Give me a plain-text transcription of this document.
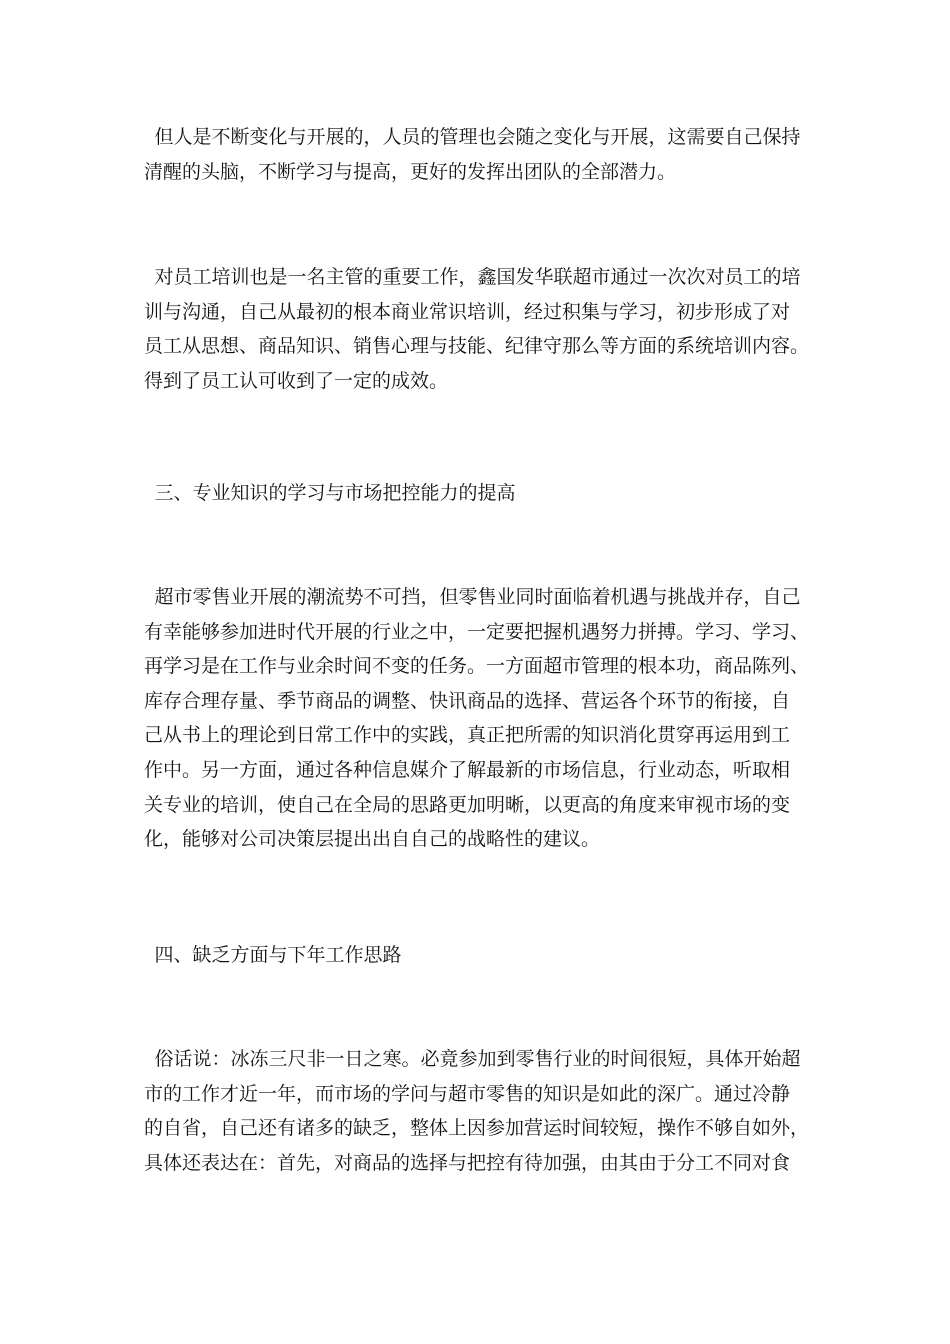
但人是不断变化与开展的，人员的管理也会随之变化与开展，这需要自己保持
清醒的头脑，不断学习与提高，更好的发挥出团队的全部潜力。

对员工培训也是一名主管的重要工作，鑫国发华联超市通过一次次对员工的培
训与沟通，自己从最初的根本商业常识培训，经过积集与学习，初步形成了对
员工从思想、商品知识、销售心理与技能、纪律守那么等方面的系统培训内容。
得到了员工认可收到了一定的成效。

三、专业知识的学习与市场把控能力的提高

超市零售业开展的潮流势不可挡，但零售业同时面临着机遇与挑战并存，自己
有幸能够参加进时代开展的行业之中，一定要把握机遇努力拼搏。学习、学习、
再学习是在工作与业余时间不变的任务。一方面超市管理的根本功，商品陈列、
库存合理存量、季节商品的调整、快讯商品的选择、营运各个环节的衔接，自
己从书上的理论到日常工作中的实践，真正把所需的知识消化贯穿再运用到工
作中。另一方面，通过各种信息媒介了解最新的市场信息，行业动态，听取相
关专业的培训，使自己在全局的思路更加明晰，以更高的角度来审视市场的变
化，能够对公司决策层提出出自自己的战略性的建议。

四、缺乏方面与下年工作思路

俗话说：冰冻三尺非一日之寒。必竟参加到零售行业的时间很短，具体开始超
市的工作才近一年，而市场的学问与超市零售的知识是如此的深广。通过冷静
的自省，自己还有诸多的缺乏，整体上因参加营运时间较短，操作不够自如外，
具体还表达在：首先，对商品的选择与把控有待加强，由其由于分工不同对食
